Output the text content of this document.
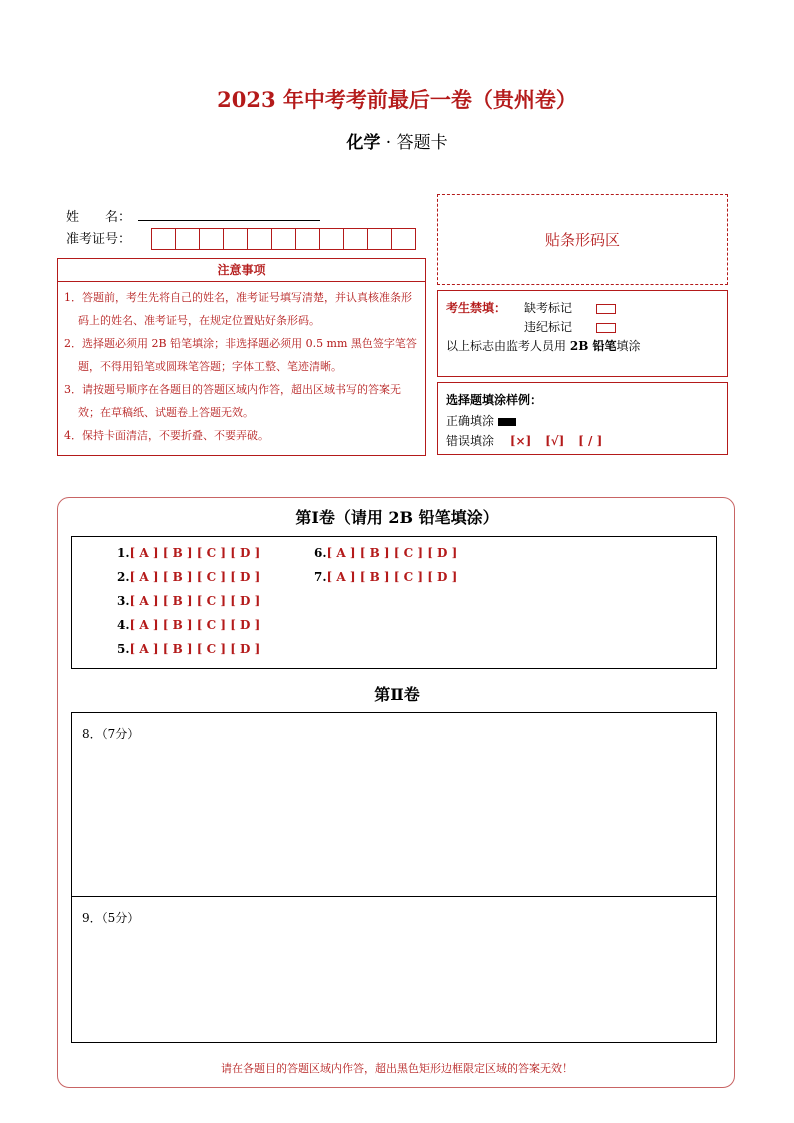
2023 年中考考前最后一卷（贵州卷）
化学 · 答题卡
姓　　名：
准考证号：	贴条形码区
注意事项
1．答题前，考生先将自己的姓名，准考证号填写清楚，并认真核准条形码上的姓名、准考证号，在规定位置贴好条形码。
2．选择题必须用 2B 铅笔填涂；非选择题必须用 0.5 mm 黑色签字笔答题，不得用铅笔或圆珠笔答题；字体工整、笔迹清晰。
3．请按题号顺序在各题目的答题区域内作答，超出区域书写的答案无效；在草稿纸、试题卷上答题无效。
4．保持卡面清洁，不要折叠、不要弄破。
考生禁填： 缺考标记
违纪标记
以上标志由监考人员用 2B 铅笔填涂
选择题填涂样例：
正确填涂
错误填涂 [×] [√] [ / ]
第Ⅰ卷（请用 2B 铅笔填涂）
1.[ A ] [ B ] [ C ] [ D ]
2.[ A ] [ B ] [ C ] [ D ]
3.[ A ] [ B ] [ C ] [ D ]
4.[ A ] [ B ] [ C ] [ D ]
5.[ A ] [ B ] [ C ] [ D ]
6.[ A ] [ B ] [ C ] [ D ]
7.[ A ] [ B ] [ C ] [ D ]
第Ⅱ卷
8．（7分）
9．（5分）
请在各题目的答题区域内作答，超出黑色矩形边框限定区域的答案无效！
